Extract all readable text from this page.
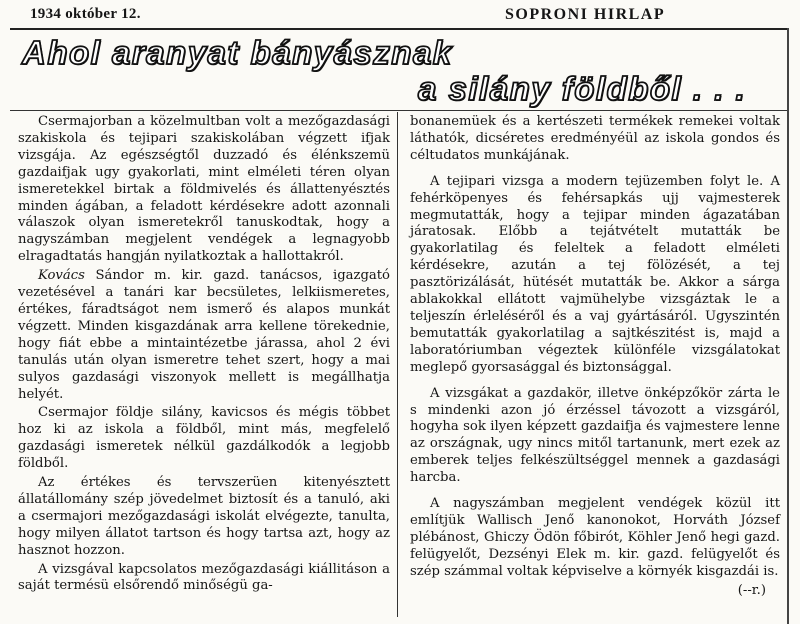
1934 október 12.	SOPRONI HIRLAP
Ahol aranyat bányásznak
a silány földből . . .

Csermajorban a közelmultban volt a mezőgazdasági szakiskola és tejipari szakiskolában végzett ifjak vizsgája. Az egészségtől duzzadó és élénkszemü gazdaifjak ugy gyakorlati, mint elméleti téren olyan ismeretekkel birtak a földmivelés és állattenyésztés minden ágában, a feladott kérdésekre adott azonnali válaszok olyan ismeretekről tanuskodtak, hogy a nagyszámban megjelent vendégek a legnagyobb elragadtatás hangján nyilatkoztak a hallottakról.

Kovács Sándor m. kir. gazd. tanácsos, igazgató vezetésével a tanári kar becsületes, lelkiismeretes, értékes, fáradtságot nem ismerő és alapos munkát végzett. Minden kisgazdának arra kellene törekednie, hogy fiát ebbe a mintaintézetbe járassa, ahol 2 évi tanulás után olyan ismeretre tehet szert, hogy a mai sulyos gazdasági viszonyok mellett is megállhatja helyét.

Csermajor földje silány, kavicsos és mégis többet hoz ki az iskola a földből, mint más, megfelelő gazdasági ismeretek nélkül gazdálkodók a legjobb földből.

Az értékes és tervszerüen kitenyésztett állatállomány szép jövedelmet biztosít és a tanuló, aki a csermajori mezőgazdasági iskolát elvégezte, tanulta, hogy milyen állatot tartson és hogy tartsa azt, hogy az hasznot hozzon.

A vizsgával kapcsolatos mezőgazdasági kiállitáson a saját termésü elsőrendő minőségü ga-

bonanemüek és a kertészeti termékek remekei voltak láthatók, dicséretes eredményéül az iskola gondos és céltudatos munkájának.

A tejipari vizsga a modern tejüzemben folyt le. A fehérköpenyes és fehérsapkás ujj vajmesterek megmutatták, hogy a tejipar minden ágazatában járatosak. Előbb a tejátvételt mutatták be gyakorlatilag és feleltek a feladott elméleti kérdésekre, azután a tej fölözését, a tej pasztörizálását, hütését mutatták be. Akkor a sárga ablakokkal ellátott vajmühelybe vizsgáztak le a teljeszín érleléséről és a vaj gyártásáról. Ugyszintén bemutatták gyakorlatilag a sajtkészitést is, majd a laboratóriumban végeztek különféle vizsgálatokat meglepő gyorsasággal és biztonsággal.

A vizsgákat a gazdakör, illetve önképzőkör zárta le s mindenki azon jó érzéssel távozott a vizsgáról, hogyha sok ilyen képzett gazdaifja és vajmestere lenne az országnak, ugy nincs mitől tartanunk, mert ezek az emberek teljes felkészültséggel mennek a gazdasági harcba.

A nagyszámban megjelent vendégek közül itt említjük Wallisch Jenő kanonokot, Horváth József plébánost, Ghiczy Ödön főbirót, Köhler Jenő hegi gazd. felügyelőt, Dezsényi Elek m. kir. gazd. felügyelőt és szép számmal voltak képviselve a környék kisgazdái is.

(--r.)
